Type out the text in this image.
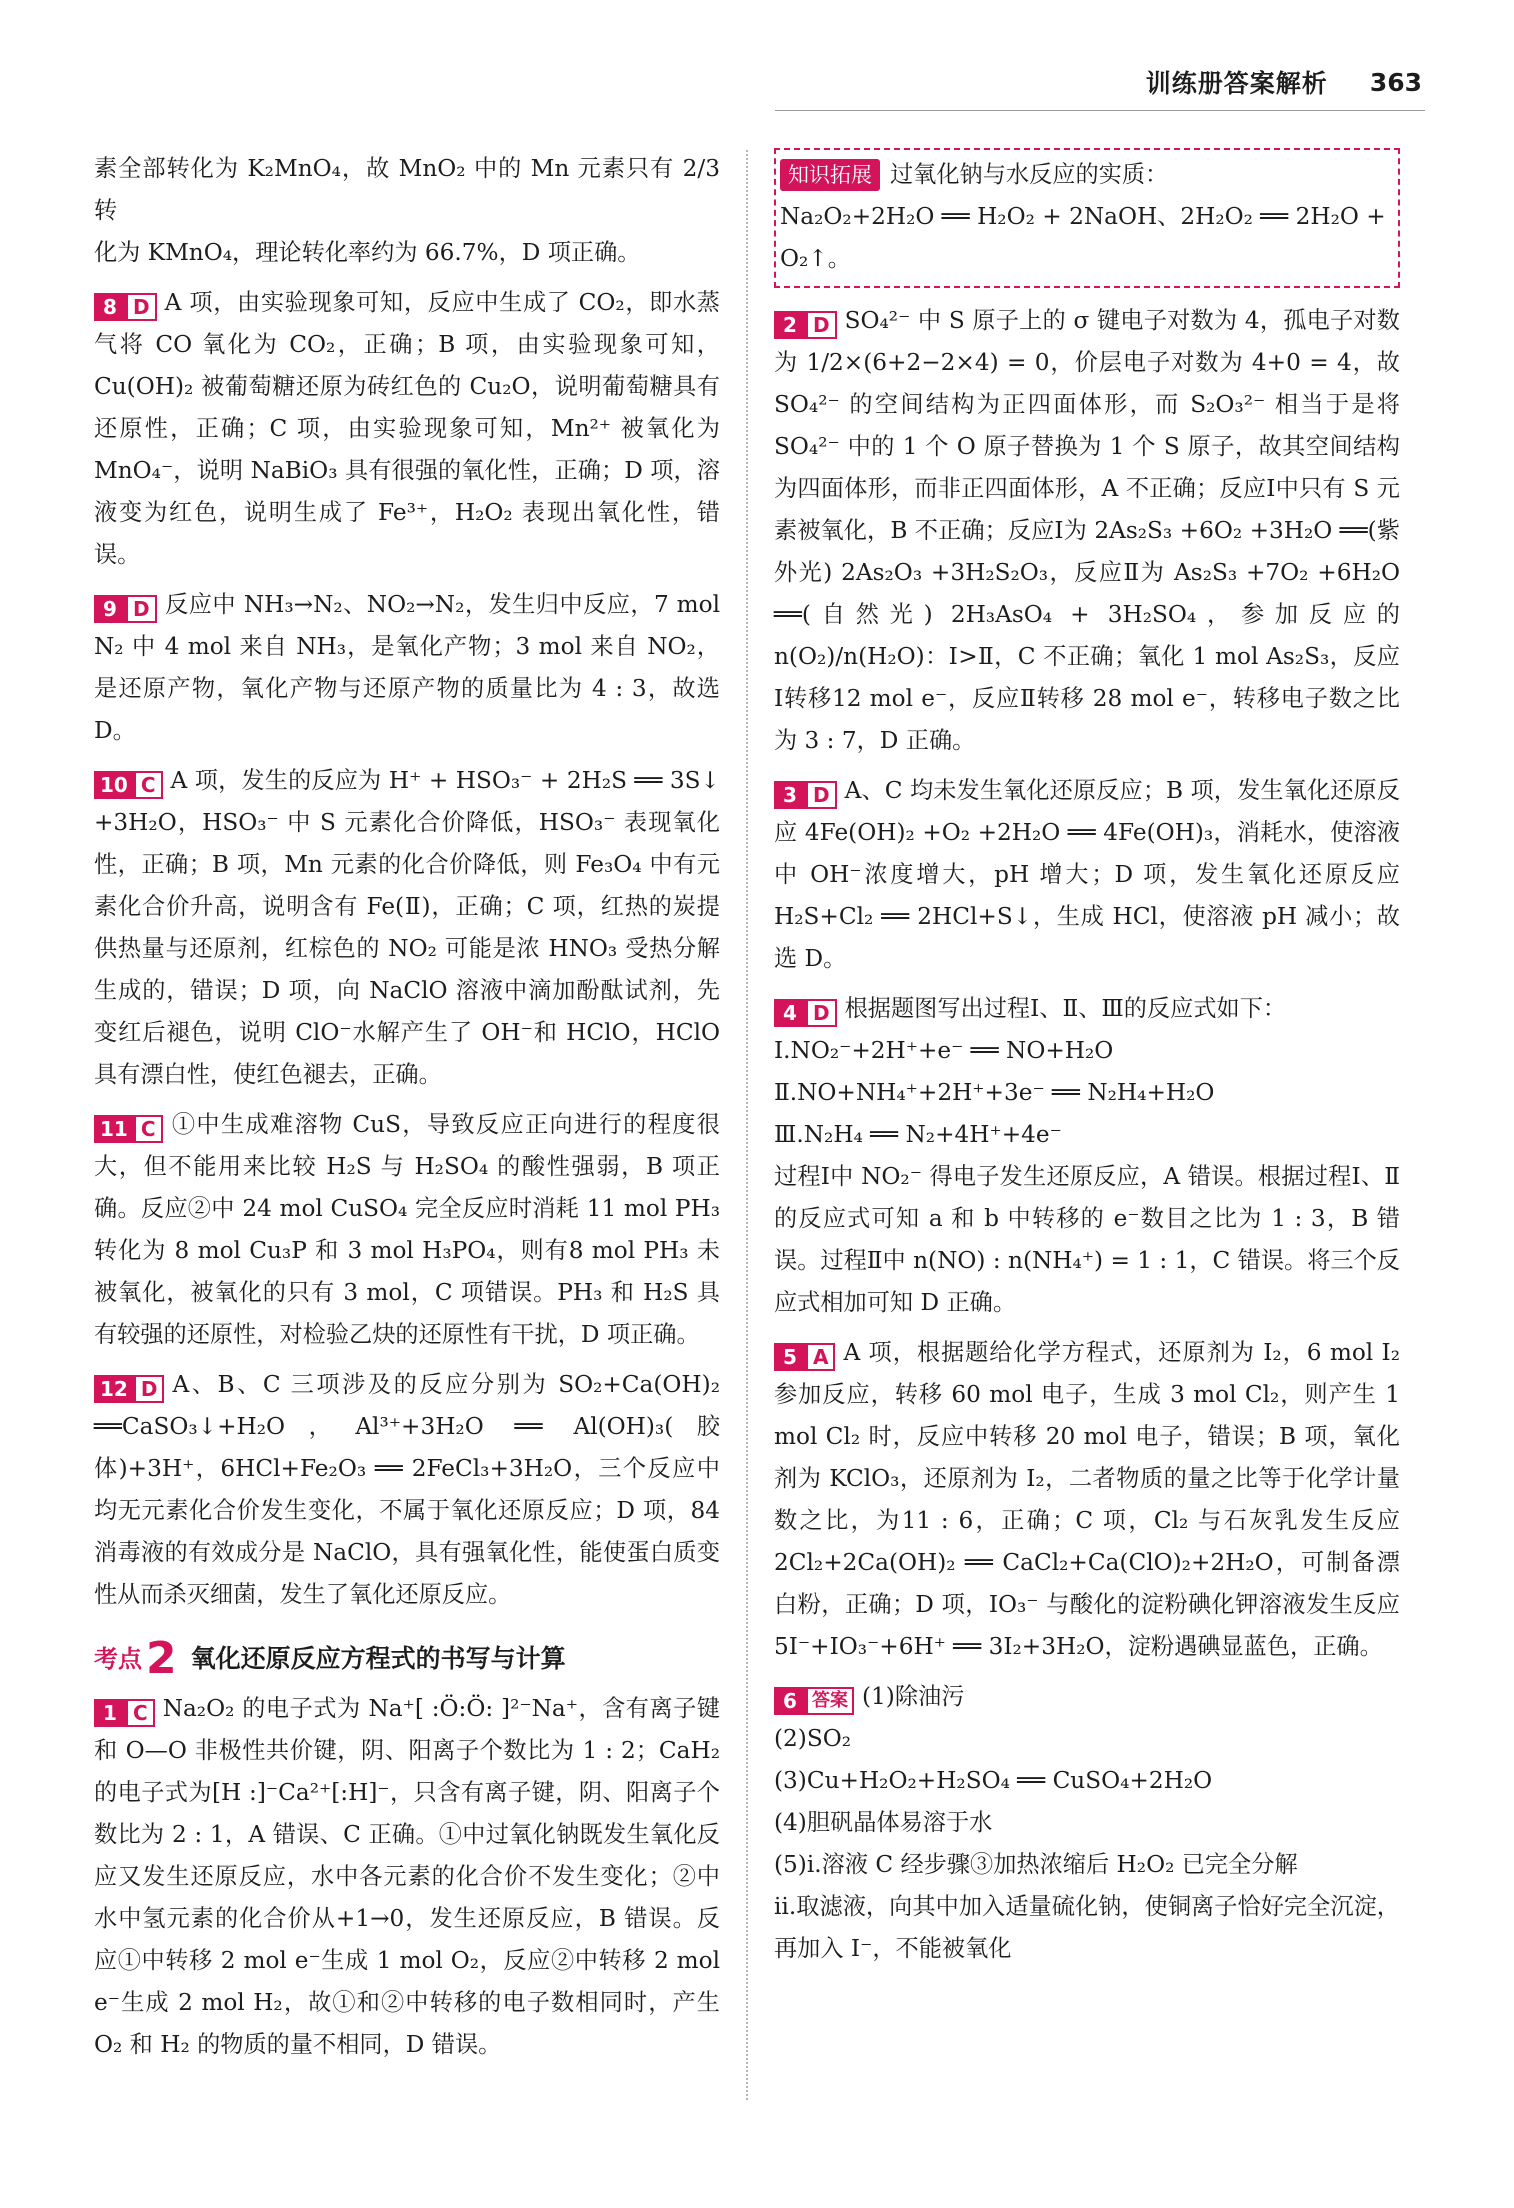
训练册答案解析 363
素全部转化为 K₂MnO₄，故 MnO₂ 中的 Mn 元素只有 2/3 转
化为 KMnO₄，理论转化率约为 66.7%，D 项正确。

8 D A 项，由实验现象可知，反应中生成了 CO₂，即水蒸气将 CO 氧化为 CO₂，正确；B 项，由实验现象可知，Cu(OH)₂ 被葡萄糖还原为砖红色的 Cu₂O，说明葡萄糖具有还原性，正确；C 项，由实验现象可知，Mn²⁺ 被氧化为 MnO₄⁻，说明 NaBiO₃ 具有很强的氧化性，正确；D 项，溶液变为红色，说明生成了 Fe³⁺，H₂O₂ 表现出氧化性，错误。

9 D 反应中 NH₃→N₂、NO₂→N₂，发生归中反应，7 mol N₂ 中 4 mol 来自 NH₃，是氧化产物；3 mol 来自 NO₂，是还原产物，氧化产物与还原产物的质量比为 4 : 3，故选 D。

10 C A 项，发生的反应为 H⁺ + HSO₃⁻ + 2H₂S ══ 3S↓ +3H₂O，HSO₃⁻ 中 S 元素化合价降低，HSO₃⁻ 表现氧化性，正确；B 项，Mn 元素的化合价降低，则 Fe₃O₄ 中有元素化合价升高，说明含有 Fe(Ⅱ)，正确；C 项，红热的炭提供热量与还原剂，红棕色的 NO₂ 可能是浓 HNO₃ 受热分解生成的，错误；D 项，向 NaClO 溶液中滴加酚酞试剂，先变红后褪色，说明 ClO⁻水解产生了 OH⁻和 HClO，HClO 具有漂白性，使红色褪去，正确。

11 C ①中生成难溶物 CuS，导致反应正向进行的程度很大，但不能用来比较 H₂S 与 H₂SO₄ 的酸性强弱，B 项正确。反应②中 24 mol CuSO₄ 完全反应时消耗 11 mol PH₃ 转化为 8 mol Cu₃P 和 3 mol H₃PO₄，则有8 mol PH₃ 未被氧化，被氧化的只有 3 mol，C 项错误。PH₃ 和 H₂S 具有较强的还原性，对检验乙炔的还原性有干扰，D 项正确。

12 D A、B、C 三项涉及的反应分别为 SO₂+Ca(OH)₂ ══CaSO₃↓+H₂O，Al³⁺+3H₂O ══ Al(OH)₃(胶体)+3H⁺，6HCl+Fe₂O₃ ══ 2FeCl₃+3H₂O，三个反应中均无元素化合价发生变化，不属于氧化还原反应；D 项，84 消毒液的有效成分是 NaClO，具有强氧化性，能使蛋白质变性从而杀灭细菌，发生了氧化还原反应。

考点 2 氧化还原反应方程式的书写与计算

1 C Na₂O₂ 的电子式为 Na⁺[ :Ö:Ö: ]²⁻Na⁺，含有离子键和 O—O 非极性共价键，阴、阳离子个数比为 1 : 2；CaH₂ 的电子式为[H :]⁻Ca²⁺[:H]⁻，只含有离子键，阴、阳离子个数比为 2 : 1，A 错误、C 正确。①中过氧化钠既发生氧化反应又发生还原反应，水中各元素的化合价不发生变化；②中水中氢元素的化合价从+1→0，发生还原反应，B 错误。反应①中转移 2 mol e⁻生成 1 mol O₂，反应②中转移 2 mol e⁻生成 2 mol H₂，故①和②中转移的电子数相同时，产生 O₂ 和 H₂ 的物质的量不相同，D 错误。

知识拓展 过氧化钠与水反应的实质：
Na₂O₂+2H₂O ══ H₂O₂ + 2NaOH、2H₂O₂ ══ 2H₂O +
O₂↑。

2 D SO₄²⁻ 中 S 原子上的 σ 键电子对数为 4，孤电子对数为 1/2×(6+2−2×4) = 0，价层电子对数为 4+0 = 4，故 SO₄²⁻ 的空间结构为正四面体形，而 S₂O₃²⁻ 相当于是将 SO₄²⁻ 中的 1 个 O 原子替换为 1 个 S 原子，故其空间结构为四面体形，而非正四面体形，A 不正确；反应Ⅰ中只有 S 元素被氧化，B 不正确；反应Ⅰ为 2As₂S₃ +6O₂ +3H₂O ══(紫外光) 2As₂O₃ +3H₂S₂O₃，反应Ⅱ为 As₂S₃ +7O₂ +6H₂O ══(自然光) 2H₃AsO₄ + 3H₂SO₄，参加反应的 n(O₂)/n(H₂O)：Ⅰ>Ⅱ，C 不正确；氧化 1 mol As₂S₃，反应Ⅰ转移12 mol e⁻，反应Ⅱ转移 28 mol e⁻，转移电子数之比为 3 : 7，D 正确。

3 D A、C 均未发生氧化还原反应；B 项，发生氧化还原反应 4Fe(OH)₂ +O₂ +2H₂O ══ 4Fe(OH)₃，消耗水，使溶液中 OH⁻浓度增大，pH 增大；D 项，发生氧化还原反应 H₂S+Cl₂ ══ 2HCl+S↓，生成 HCl，使溶液 pH 减小；故选 D。

4 D 根据题图写出过程Ⅰ、Ⅱ、Ⅲ的反应式如下：
Ⅰ.NO₂⁻+2H⁺+e⁻ ══ NO+H₂O
Ⅱ.NO+NH₄⁺+2H⁺+3e⁻ ══ N₂H₄+H₂O
Ⅲ.N₂H₄ ══ N₂+4H⁺+4e⁻
过程Ⅰ中 NO₂⁻ 得电子发生还原反应，A 错误。根据过程Ⅰ、Ⅱ的反应式可知 a 和 b 中转移的 e⁻数目之比为 1 : 3，B 错误。过程Ⅱ中 n(NO) : n(NH₄⁺) = 1 : 1，C 错误。将三个反应式相加可知 D 正确。

5 A A 项，根据题给化学方程式，还原剂为 I₂，6 mol I₂ 参加反应，转移 60 mol 电子，生成 3 mol Cl₂，则产生 1 mol Cl₂ 时，反应中转移 20 mol 电子，错误；B 项，氧化剂为 KClO₃，还原剂为 I₂，二者物质的量之比等于化学计量数之比，为11 : 6，正确；C 项，Cl₂ 与石灰乳发生反应 2Cl₂+2Ca(OH)₂ ══ CaCl₂+Ca(ClO)₂+2H₂O，可制备漂白粉，正确；D 项，IO₃⁻ 与酸化的淀粉碘化钾溶液发生反应 5I⁻+IO₃⁻+6H⁺ ══ 3I₂+3H₂O，淀粉遇碘显蓝色，正确。

6 答案 (1)除油污
(2)SO₂
(3)Cu+H₂O₂+H₂SO₄ ══ CuSO₄+2H₂O
(4)胆矾晶体易溶于水
(5)ⅰ.溶液 C 经步骤③加热浓缩后 H₂O₂ 已完全分解
ⅱ.取滤液，向其中加入适量硫化钠，使铜离子恰好完全沉淀，再加入 I⁻，不能被氧化
